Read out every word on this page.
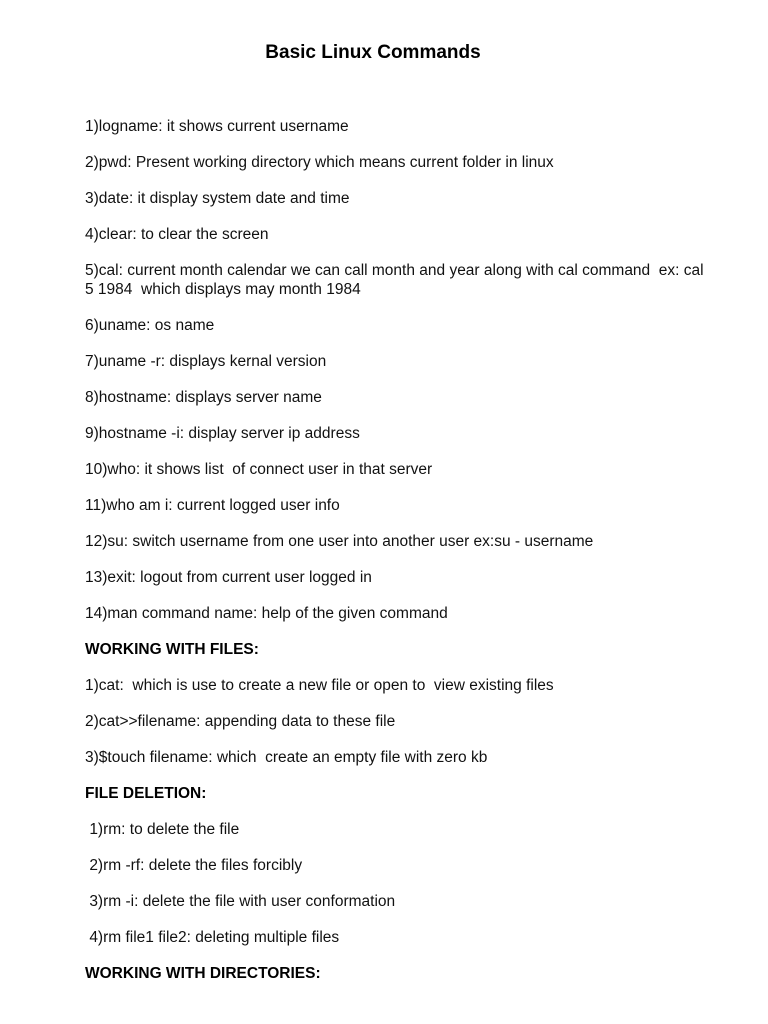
Basic Linux Commands
1)logname: it shows current username
2)pwd: Present working directory which means current folder in linux
3)date: it display system date and time
4)clear: to clear the screen
5)cal: current month calendar we can call month and year along with cal command  ex: cal 5 1984  which displays may month 1984
6)uname: os name
7)uname -r: displays kernal version
8)hostname: displays server name
9)hostname -i: display server ip address
10)who: it shows list  of connect user in that server
11)who am i: current logged user info
12)su: switch username from one user into another user ex:su - username
13)exit: logout from current user logged in
14)man command name: help of the given command
WORKING WITH FILES:
1)cat:  which is use to create a new file or open to  view existing files
2)cat>>filename: appending data to these file
3)$touch filename: which  create an empty file with zero kb
FILE DELETION:
1)rm: to delete the file
2)rm -rf: delete the files forcibly
3)rm -i: delete the file with user conformation
4)rm file1 file2: deleting multiple files
WORKING WITH DIRECTORIES:
